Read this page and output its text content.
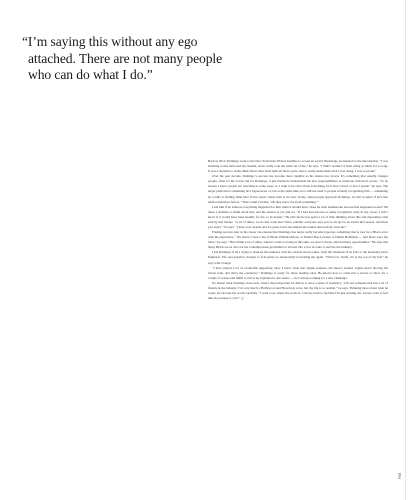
“I’m saying this without any ego
attached. There are not many people
who can do what I do.”

Back in 2013, Domingo went to the New York State Writers Institute to accept an award. Backstage, he listened to his introduction. “I was listening to this man read my résumé, and it really took the wind out of me,” he says. “I didn’t realize I’d been doing so much for so long. It was a moment to really think about what I had built all those years, and to really understand what I was doing. I was so proud.”

Over the past decade, Domingo’s success has become more tangible as his stature has grown. It’s something that usually changes people, often for the worse, but for Domingo, it just means he understands his new responsibilities as someone with more access. “To be honest, I know people are watching in some ways, so I want to be clear about everything, be it how I dress or how I speak,” he says. The larger platform is something he’s hyperaware of, but at the same time, he’s still not used to people actually recognizing him — something he credits to finding fame later in his career, rather than at its start. Today, when people approach Domingo, he still wonders if he’s met them somewhere before. “That’s until I’m like, ‘Oh they know me from something.’”

I ask him if he believes everything happened for him when it should have. Does he wish mainstream success had happened sooner? He takes a moment to think about this, and the answer is yes and no. “If I had had success or name recognition early in my career, I don’t know if it would have been healthy for me, to be honest.” He tells me he has spent a lot of time thinking about this and unpacking what exactly that means. “A lot of times, we do this work and critics, pundits, everyone says you’re set up for an award that season. And then you aren’t,” he says. “I have won awards and it’s great, but it has helped me realize that nobody owes me.”

Finding success later in his career also means that Domingo has never really become typecast, something that is rare for a Black actor with his experience. “We haven’t seen a list of Black Willem Dafoes, or Daniel Day-Lewises or Dustin Hoffmans — and those were my idols,” he says. “But I think a lot of times, when it comes to being in this skin, we aren’t always allowed these opportunities.” He says that many Black actors who are his contemporaries get limited or shoved into a box in order to survive the industry.

I ask Domingo if he’s trying to surprise his audience with the varied roles he takes, from the villainous X in Zola to the nurturing Ali in Euphoria. The real question, though, is if he plans on emotionally terrorizing me again. “Well now, Sarah, it’s at the top of my list!” he says with a laugh.

“I have played a lot of wonderful supporting roles. I know what that engine requires, but there’s another engine that’s moving the whole train, and that’s the conductor.” Domingo is ready for those leading roles. He knows how to come into a movie or show for a couple of scenes and fulfill it, but as he explained to me earlier — he’s always looking for a new challenge.

No matter what Domingo does next, what’s most important for him is to have a sense of normalcy. “I’m not someone that has a lot of friends in the industry. I’m very much a Hollywood and Broadway actor, but my life is so normal,” he says. Thinking more about what he wants, he chooses his words carefully. “I want to go where the work is. I always want to feel like I’m just starting out. I never want to feel like the journey is over.” ◻

FEB
